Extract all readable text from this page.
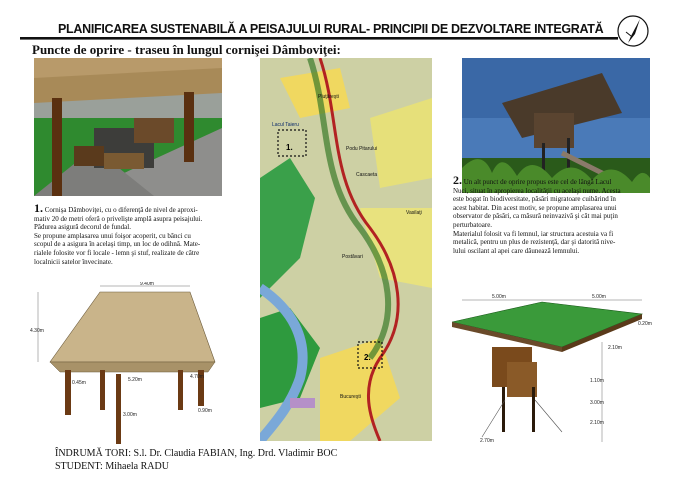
PLANIFICAREA SUSTENABILĂ A PEISAJULUI RURAL- PRINCIPII DE DEZVOLTARE INTEGRATĂ
Puncte de oprire - traseu în lungul cornişei Dâmboviţei:

1. Cornişa Dâmboviţei, cu o diferenţă de nivel de aproxi-

mativ 20 de metri oferă o privelişte amplă asupra peisajului.

Pădurea asigură decorul de fundal.

Se propune amplasarea unui foişor acoperit, cu bănci cu

scopul de a asigura în acelaşi timp, un loc de odihnă. Mate-

rialele folosite vor fi locale - lemn şi stuf, realizate de către

localnicii satelor învecinate.

9.40m
4.30m
0.45m	5.20m	4.70m
3.00m
0.90m
1.
2.
Pluţăreşti
Lacul Taieru
Podu Pitarului
Cascaeta
Vasilaţi
Postăvari
Bucureşti

2. Un alt punct de oprire propus este cel de lângă Lacul

Nuci, situat în apropierea localităţii cu acelaşi nume. Acesta

este bogat în biodiversitate, păsări migratoare cuibărind în

acest habitat. Din acest motiv, se propune amplasarea unui

observator de păsări, ca măsură neinvazivă şi cât mai puţin

perturbatoare.

Materialul folosit va fi lemnul, iar structura acestuia va fi

metalică, pentru un plus de rezistenţă, dar şi datorită nive-

lului oscilant al apei care dăunează lemnului.

5.00m	5.00m
0.20m
2.10m
1.10m
3.00m
2.10m
2.70m
ÎNDRUMĂ TORI: S.l. Dr. Claudia FABIAN, Ing. Drd. Vladimir BOC
STUDENT: Mihaela RADU
